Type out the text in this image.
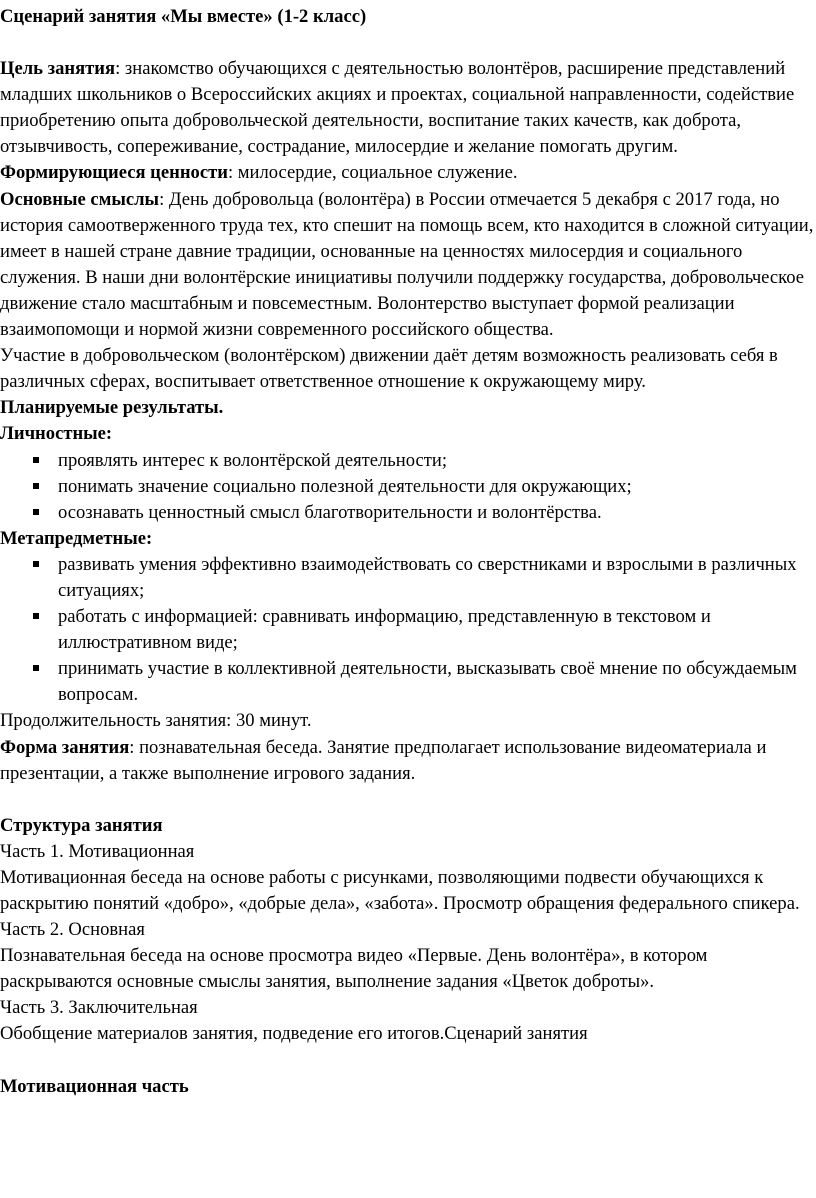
Сценарий занятия «Мы вместе» (1-2 класс)

Цель занятия: знакомство обучающихся с деятельностью волонтёров, расширение представлений младших школьников о Всероссийских акциях и проектах, социальной направленности, содействие приобретению опыта добровольческой деятельности, воспитание таких качеств, как доброта, отзывчивость, сопереживание, сострадание, милосердие и желание помогать другим.

Формирующиеся ценности: милосердие, социальное служение.

Основные смыслы: День добровольца (волонтёра) в России отмечается 5 декабря с 2017 года, но история самоотверженного труда тех, кто спешит на помощь всем, кто находится в сложной ситуации, имеет в нашей стране давние традиции, основанные на ценностях милосердия и социального служения. В наши дни волонтёрские инициативы получили поддержку государства, добровольческое движение стало масштабным и повсеместным. Волонтерство выступает формой реализации взаимопомощи и нормой жизни современного российского общества.

Участие в добровольческом (волонтёрском) движении даёт детям возможность реализовать себя в различных сферах, воспитывает ответственное отношение к окружающему миру.

Планируемые результаты.

Личностные:

проявлять интерес к волонтёрской деятельности;
понимать значение социально полезной деятельности для окружающих;
осознавать ценностный смысл благотворительности и волонтёрства.

Метапредметные:

развивать умения эффективно взаимодействовать со сверстниками и взрослыми в различных ситуациях;
работать с информацией: сравнивать информацию, представленную в текстовом и иллюстративном виде;
принимать участие в коллективной деятельности, высказывать своё мнение по обсуждаемым вопросам.

Продолжительность занятия: 30 минут.

Форма занятия: познавательная беседа. Занятие предполагает использование видеоматериала и презентации, а также выполнение игрового задания.

Структура занятия

Часть 1. Мотивационная

Мотивационная беседа на основе работы с рисунками, позволяющими подвести обучающихся к раскрытию понятий «добро», «добрые дела», «забота». Просмотр обращения федерального спикера.

Часть 2. Основная

Познавательная беседа на основе просмотра видео «Первые. День волонтёра», в котором раскрываются основные смыслы занятия, выполнение задания «Цветок доброты».

Часть 3. Заключительная

Обобщение материалов занятия, подведение его итогов.Сценарий занятия

Мотивационная часть
